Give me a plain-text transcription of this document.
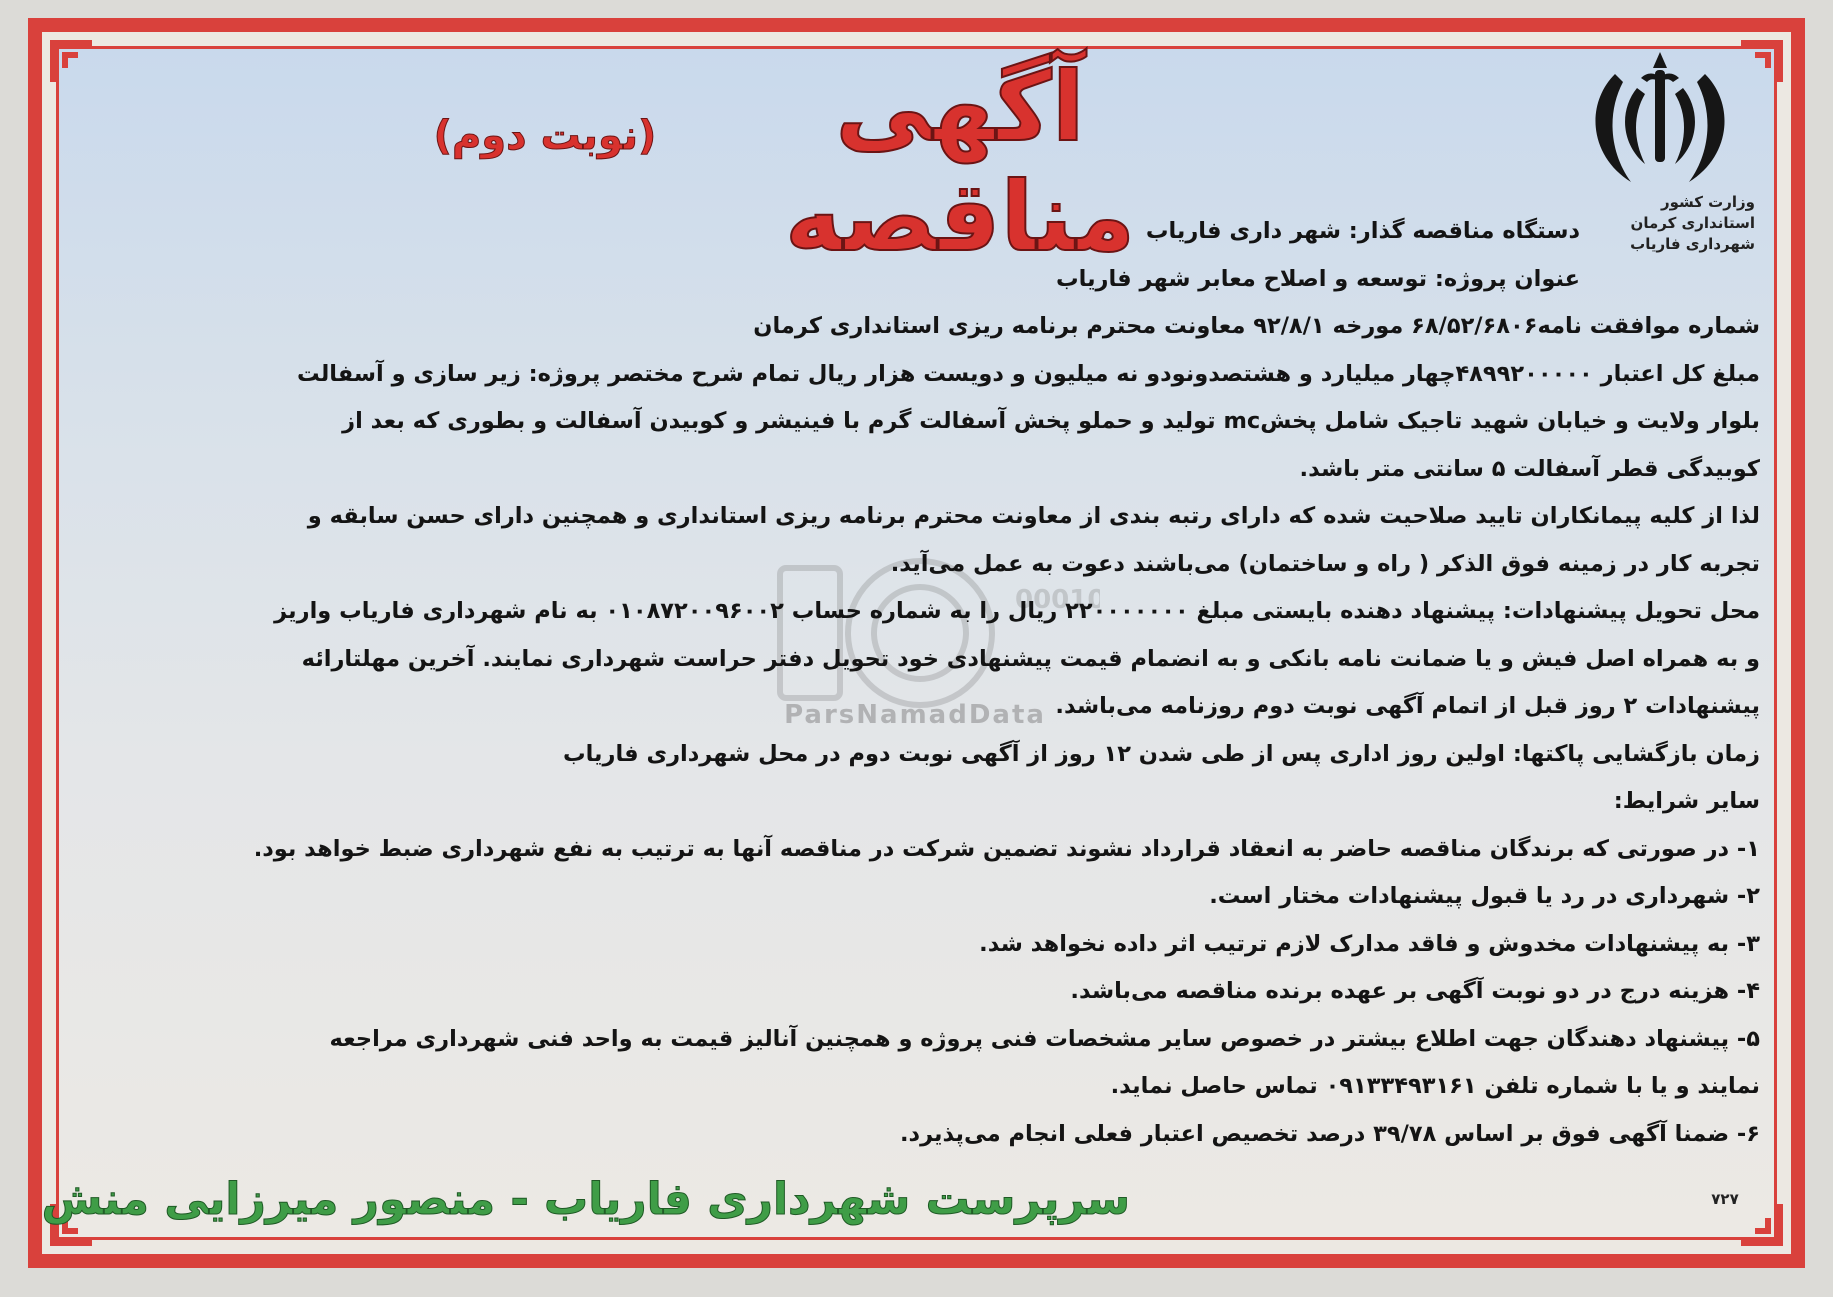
وزارت کشور
استانداری کرمان
شهرداری فاریاب
آگهی مناقصه
(نوبت دوم)
00010
ParsNamadData
دستگاه مناقصه گذار: شهر داری فاریاب
عنوان پروژه: توسعه و اصلاح معابر شهر فاریاب
شماره موافقت نامه۶۸/۵۲/۶۸۰۶ مورخه ۹۲/۸/۱ معاونت محترم برنامه ریزی استانداری کرمان
مبلغ کل اعتبار ۴۸۹۹۲۰۰۰۰۰چهار میلیارد و هشتصدونودو نه میلیون و دویست هزار ریال تمام شرح مختصر پروژه: زیر سازی و آسفالت
بلوار ولایت و خیابان شهید تاجیک شامل پخشmc تولید و حملو پخش آسفالت گرم با فینیشر و کوبیدن آسفالت و بطوری که بعد از
کوبیدگی قطر آسفالت ۵ سانتی متر باشد.
لذا از کلیه پیمانکاران تایید صلاحیت شده که دارای رتبه بندی از معاونت محترم برنامه ریزی استانداری و همچنین دارای حسن سابقه و
تجربه کار در زمینه فوق الذکر ( راه و ساختمان) می‌باشند دعوت به عمل می‌آید.
محل تحویل پیشنهادات: پیشنهاد دهنده بایستی مبلغ ۲۲۰۰۰۰۰۰۰ ریال را به شماره حساب ۰۱۰۸۷۲۰۰۹۶۰۰۲ به نام شهرداری فاریاب واریز
و به همراه اصل فیش و یا ضمانت نامه بانکی و به انضمام قیمت پیشنهادی خود تحویل دفتر حراست شهرداری نمایند. آخرین مهلتارائه
پیشنهادات ۲ روز قبل از اتمام آگهی نوبت دوم روزنامه می‌باشد.
زمان بازگشایی پاکتها: اولین روز اداری پس از طی شدن ۱۲ روز از آگهی نوبت دوم در محل شهرداری فاریاب
سایر شرایط:
۱- در صورتی که برندگان مناقصه حاضر به انعقاد قرارداد نشوند تضمین شرکت در مناقصه آنها به ترتیب به نفع شهرداری ضبط خواهد بود.
۲- شهرداری در رد یا قبول پیشنهادات مختار است.
۳- به پیشنهادات مخدوش و فاقد مدارک لازم ترتیب اثر داده نخواهد شد.
۴- هزینه درج در دو نوبت آگهی بر عهده برنده مناقصه می‌باشد.
۵- پیشنهاد دهندگان جهت اطلاع بیشتر در خصوص سایر مشخصات فنی پروژه و همچنین آنالیز قیمت به واحد فنی شهرداری مراجعه
نمایند و یا با شماره تلفن ۰۹۱۳۳۴۹۳۱۶۱ تماس حاصل نماید.
۶- ضمنا آگهی فوق بر اساس ۳۹/۷۸ درصد تخصیص اعتبار فعلی انجام می‌پذیرد.
سرپرست شهرداری فاریاب - منصور میرزایی منش	۷۲۷
